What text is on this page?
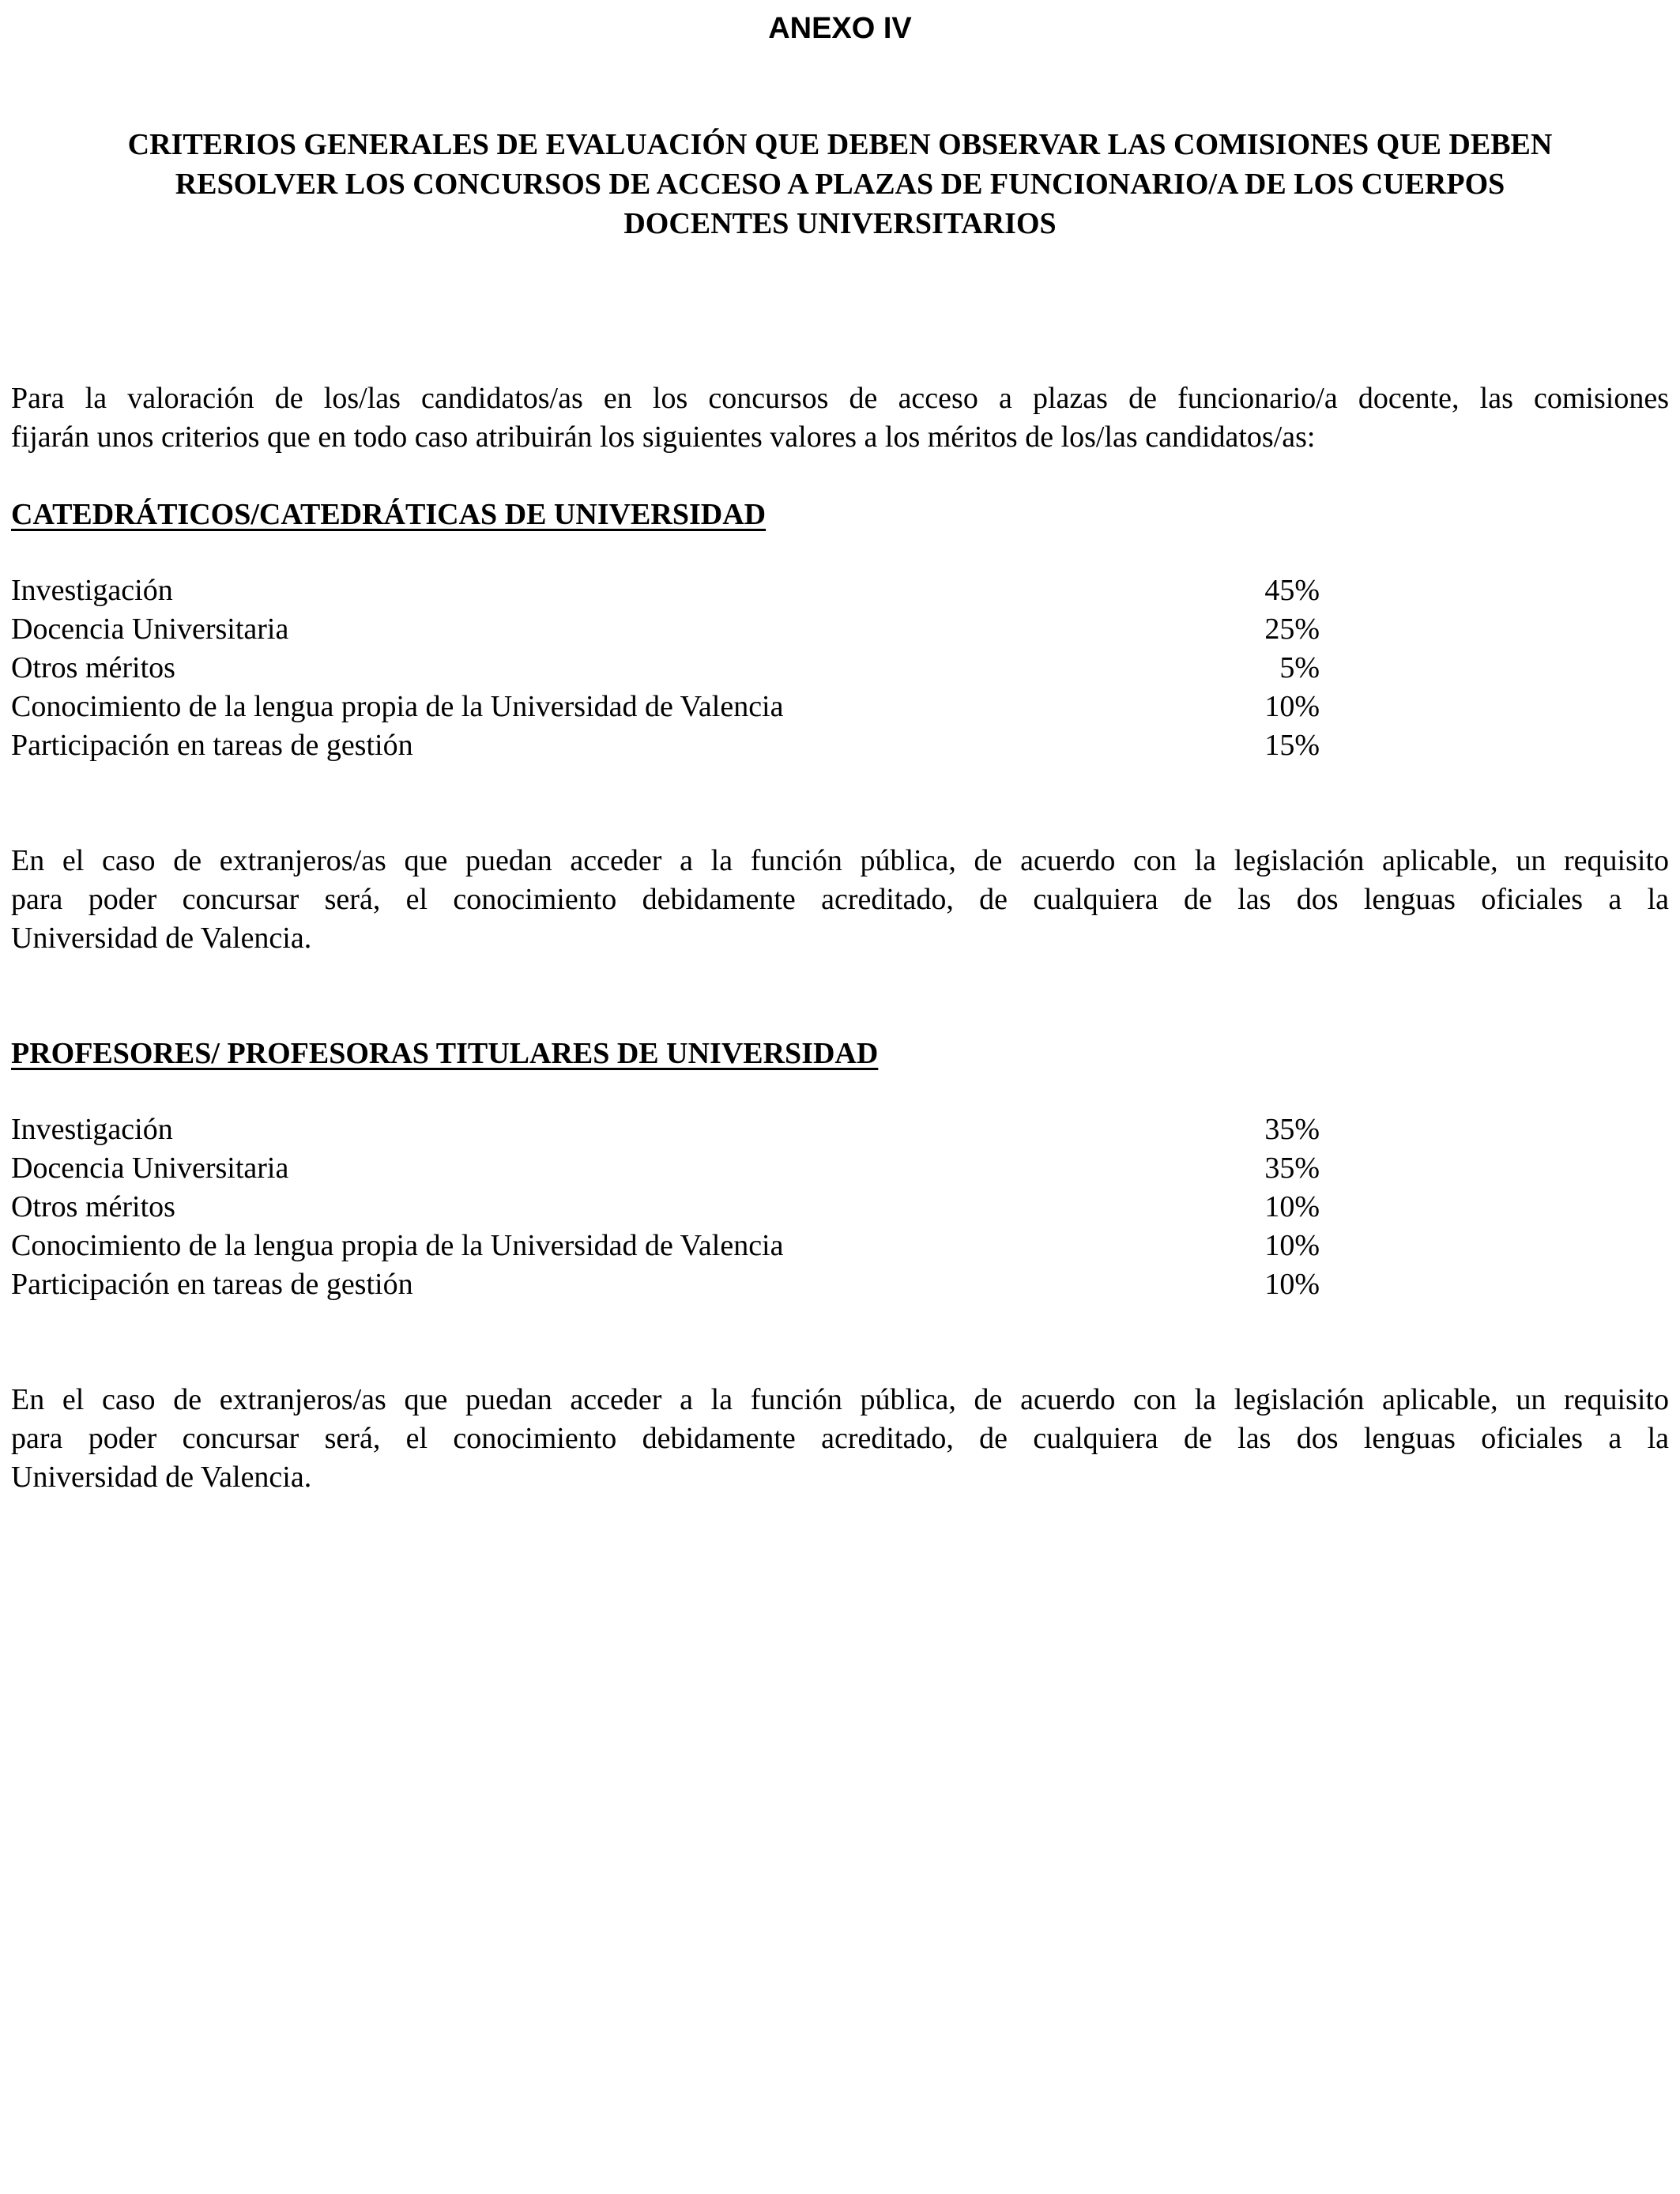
ANEXO IV
CRITERIOS GENERALES DE EVALUACIÓN QUE DEBEN OBSERVAR LAS COMISIONES QUE DEBEN
RESOLVER LOS CONCURSOS DE ACCESO A PLAZAS DE FUNCIONARIO/A DE LOS CUERPOS
DOCENTES UNIVERSITARIOS
Para la valoración de los/las candidatos/as en los concursos de acceso a plazas de funcionario/a docente, las comisiones
fijarán unos criterios que en todo caso atribuirán los siguientes valores a los méritos de los/las candidatos/as:
CATEDRÁTICOS/CATEDRÁTICAS DE UNIVERSIDAD
Investigación	45%
Docencia Universitaria	25%
Otros méritos	5%
Conocimiento de la lengua propia de la Universidad de Valencia	10%
Participación en tareas de gestión	15%
En el caso de extranjeros/as que puedan acceder a la función pública, de acuerdo con la legislación aplicable, un requisito
para poder concursar será, el conocimiento debidamente acreditado, de cualquiera de las dos lenguas oficiales a la
Universidad de Valencia.
PROFESORES/ PROFESORAS TITULARES DE UNIVERSIDAD
Investigación	35%
Docencia Universitaria	35%
Otros méritos	10%
Conocimiento de la lengua propia de la Universidad de Valencia	10%
Participación en tareas de gestión	10%
En el caso de extranjeros/as que puedan acceder a la función pública, de acuerdo con la legislación aplicable, un requisito
para poder concursar será, el conocimiento debidamente acreditado, de cualquiera de las dos lenguas oficiales a la
Universidad de Valencia.
